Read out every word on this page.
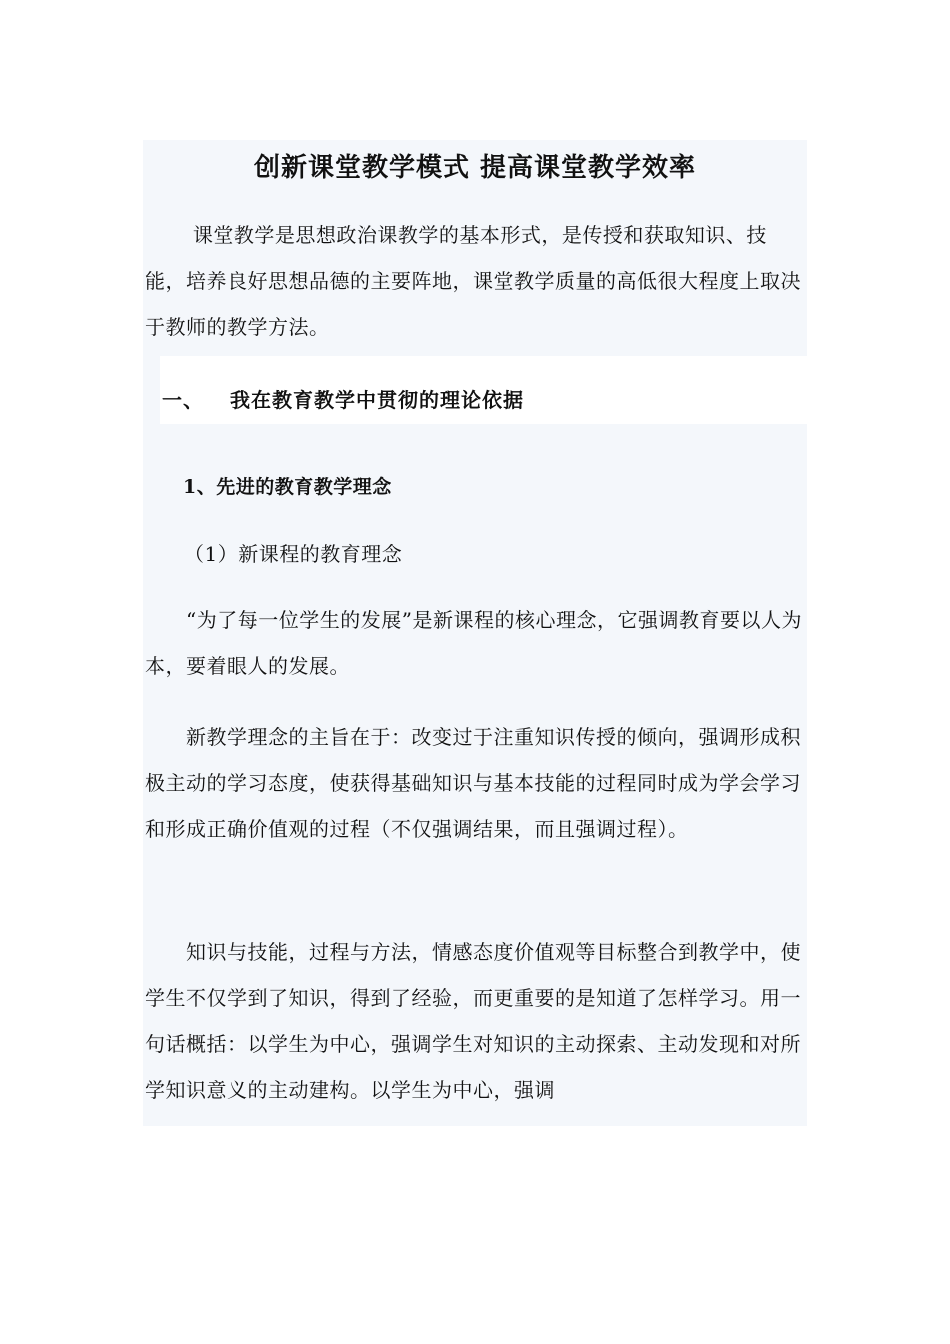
创新课堂教学模式 提高课堂教学效率

　　 课堂教学是思想政治课教学的基本形式，是传授和获取知识、技能，培养良好思想品德的主要阵地，课堂教学质量的高低很大程度上取决于教师的教学方法。

一、 我在教育教学中贯彻的理论依据
1、先进的教育教学理念
（1）新课程的教育理念

　　“为了每一位学生的发展”是新课程的核心理念，它强调教育要以人为本，要着眼人的发展。

　　新教学理念的主旨在于：改变过于注重知识传授的倾向，强调形成积极主动的学习态度，使获得基础知识与基本技能的过程同时成为学会学习和形成正确价值观的过程（不仅强调结果，而且强调过程）。

　　知识与技能，过程与方法，情感态度价值观等目标整合到教学中，使学生不仅学到了知识，得到了经验，而更重要的是知道了怎样学习。用一句话概括：以学生为中心，强调学生对知识的主动探索、主动发现和对所学知识意义的主动建构。以学生为中心，强调
